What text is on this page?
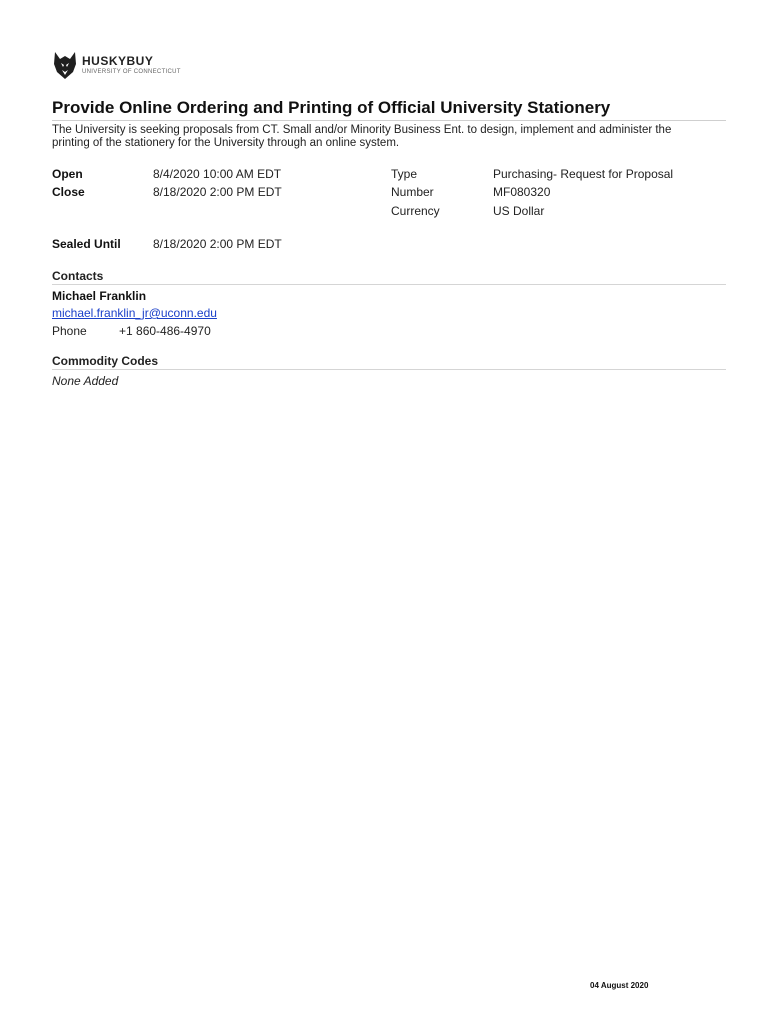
HUSKYBUY
UNIVERSITY OF CONNECTICUT
Provide Online Ordering and Printing of Official University Stationery
The University is seeking proposals from CT. Small and/or Minority Business Ent. to design, implement and administer the printing of the stationery for the University through an online system.
Open	8/4/2020 10:00 AM EDT
Close	8/18/2020 2:00 PM EDT
Type	Purchasing- Request for Proposal
Number	MF080320
Currency	US Dollar
Sealed Until	8/18/2020 2:00 PM EDT
Contacts
Michael Franklin
michael.franklin_jr@uconn.edu
Phone	+1 860-486-4970
Commodity Codes
None Added
04 August 2020
